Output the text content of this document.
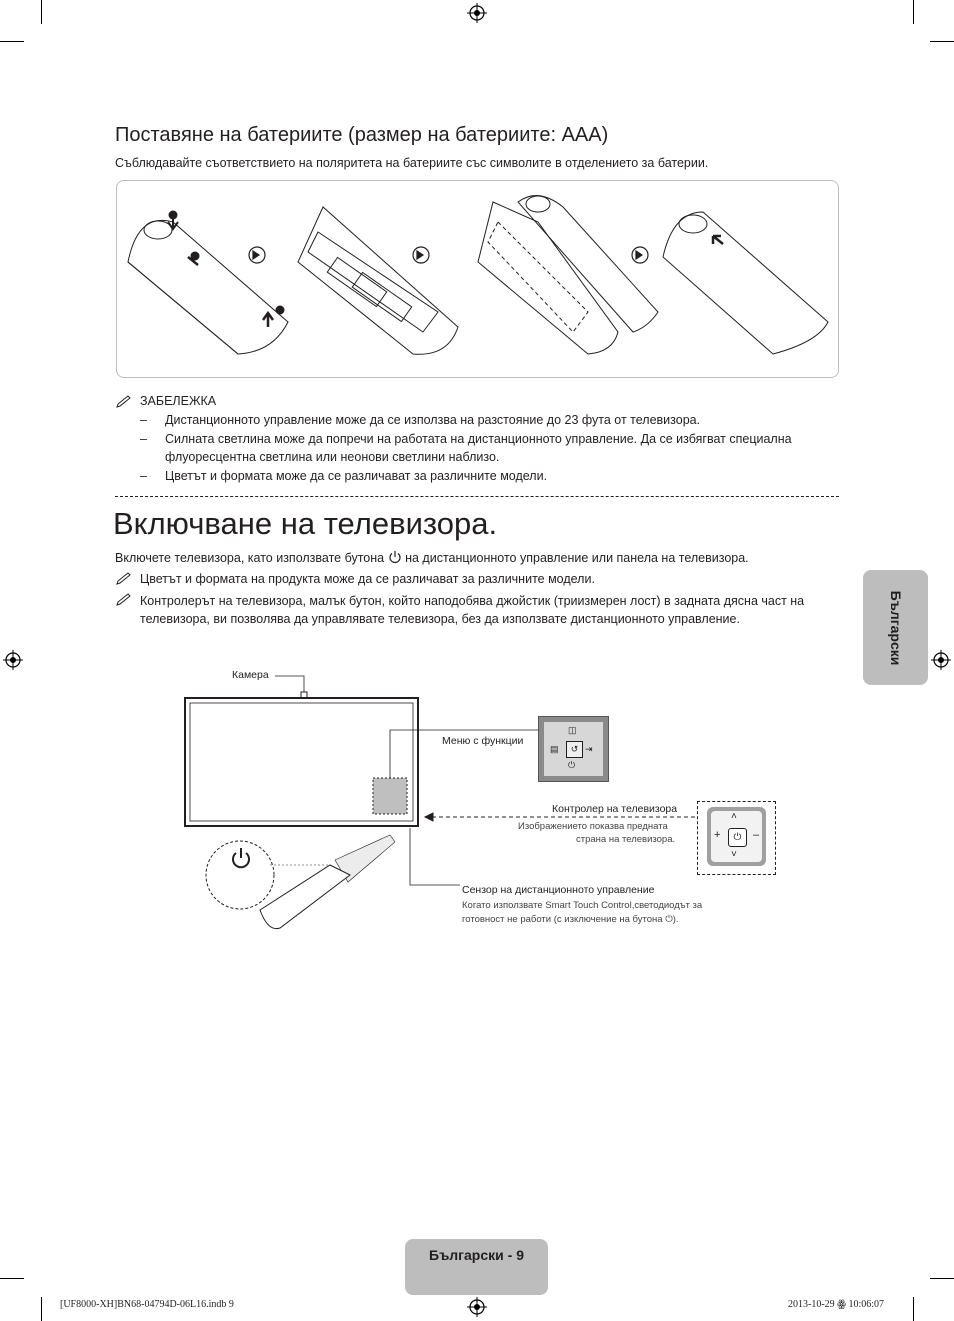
Поставяне на батериите (размер на батериите: AAA)
Съблюдавайте съответствието на поляритета на батериите със символите в отделението за батерии.
ЗАБЕЛЕЖКА
– Дистанционното управление може да се използва на разстояние до 23 фута от телевизора.
– Силната светлина може да попречи на работата на дистанционното управление. Да се избягват специална
флуоресцентна светлина или неонови светлини наблизо.
– Цветът и формата може да се различават за различните модели.
Включване на телевизора.
Включете телевизора, като използвате бутона на дистанционното управление или панела на телевизора.
Цветът и формата на продукта може да се различават за различните модели.
Контролерът на телевизора, малък бутон, който наподобява джойстик (триизмерен лост) в задната дясна част на
телевизора, ви позволява да управлявате телевизора, без да използвате дистанционното управление.	Български
Камера
↺
◫
▤	⇥
⏻
Меню с функции
Контролер на телевизора
Изображението показва предната
страна на телевизора.	⏻
˄
˅
+	–
Сензор на дистанционното управление
Когато използвате Smart Touch Control,светодиодът за
готовност не работи (с изключение на бутона ⏻).
Български - 9
[UF8000-XH]BN68-04794D-06L16.indb 9	2013-10-29 ꙮ 10:06:07
